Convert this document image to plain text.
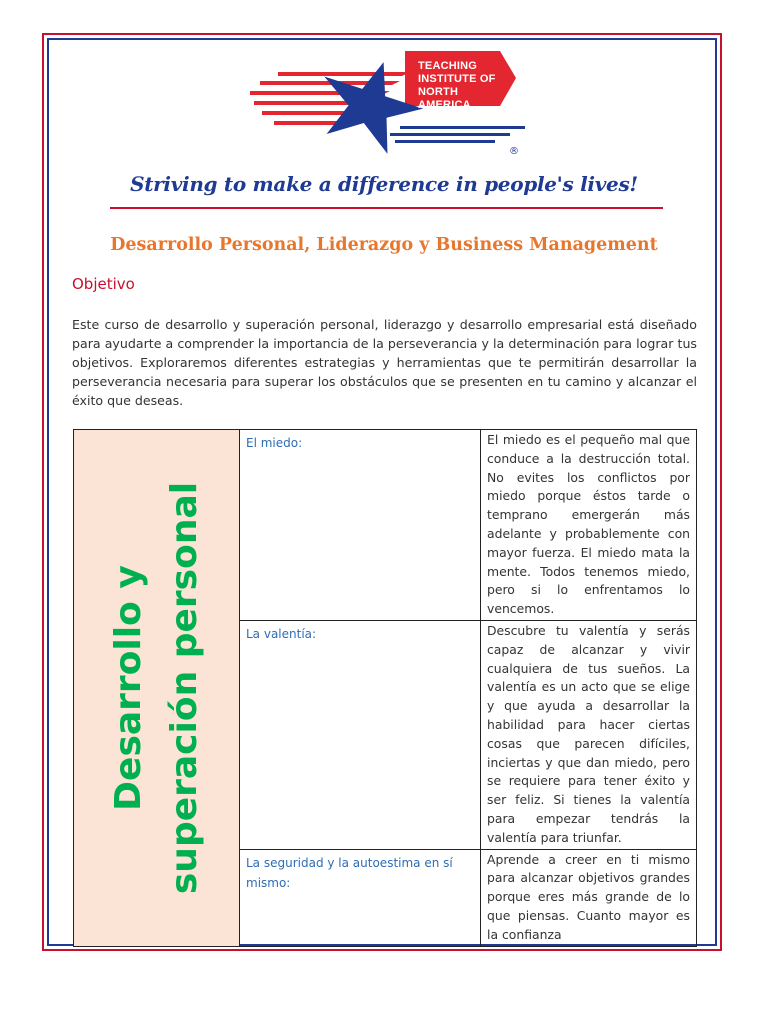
TEACHING
INSTITUTE OF
NORTH
AMERICA
®
Striving to make a difference in people's lives!
Desarrollo Personal, Liderazgo y Business Management
Objetivo
Este curso de desarrollo y superación personal, liderazgo y desarrollo empresarial está diseñado para ayudarte a comprender la importancia de la perseverancia y la determinación para lograr tus objetivos. Exploraremos diferentes estrategias y herramientas que te permitirán desarrollar la perseverancia necesaria para superar los obstáculos que se presenten en tu camino y alcanzar el éxito que deseas.
Desarrollo y superación personal	El miedo:	El miedo es el pequeño mal que conduce a la destrucción total. No evites los conflictos por miedo porque éstos tarde o temprano emergerán más adelante y probablemente con mayor fuerza. El miedo mata la mente. Todos tenemos miedo, pero si lo enfrentamos lo vencemos.

	La valentía:	Descubre tu valentía y serás capaz de alcanzar y vivir cualquiera de tus sueños. La valentía es un acto que se elige y que ayuda a desarrollar la habilidad para hacer ciertas cosas que parecen difíciles, inciertas y que dan miedo, pero se requiere para tener éxito y ser feliz. Si tienes la valentía para empezar tendrás la valentía para triunfar.

	La seguridad y la autoestima en sí mismo:	Aprende a creer en ti mismo para alcanzar objetivos grandes porque eres más grande de lo que piensas. Cuanto mayor es la confianza
